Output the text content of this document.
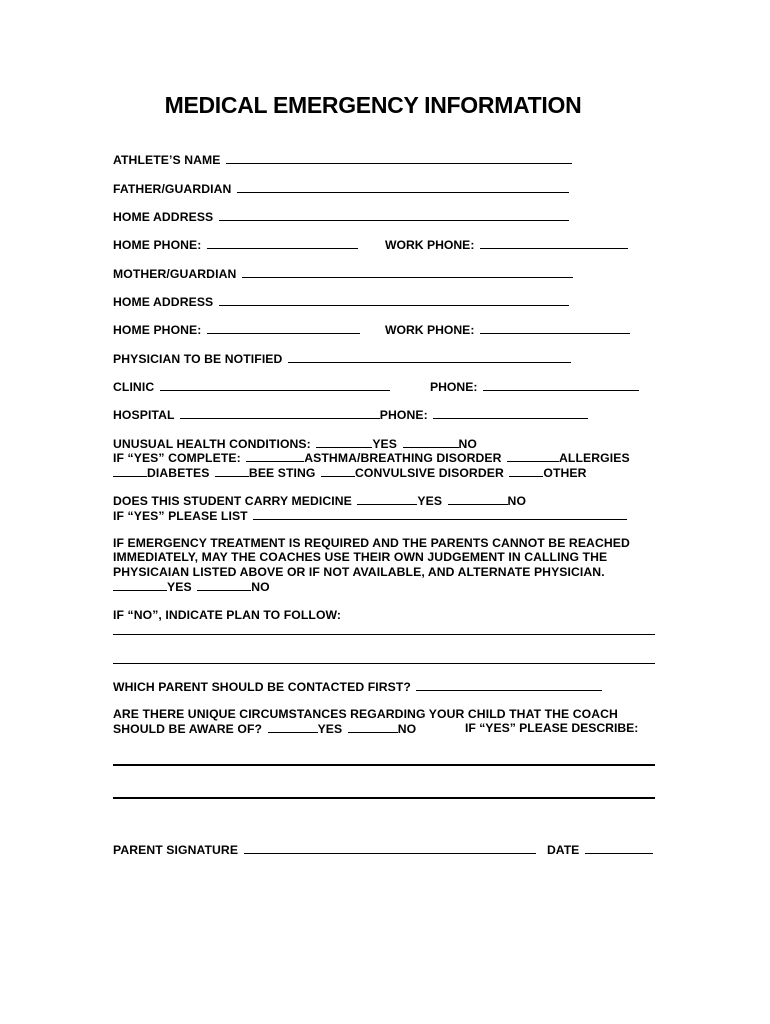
MEDICAL EMERGENCY INFORMATION
ATHLETE’S NAME
FATHER/GUARDIAN
HOME ADDRESS
HOME PHONE:	WORK PHONE:
MOTHER/GUARDIAN
HOME ADDRESS
HOME PHONE:	WORK PHONE:
PHYSICIAN TO BE NOTIFIED
CLINIC	PHONE:
HOSPITAL	PHONE:
UNUSUAL HEALTH CONDITIONS:	YES	NO
IF “YES” COMPLETE:	ASTHMA/BREATHING DISORDER	ALLERGIES
DIABETES	BEE STING	CONVULSIVE DISORDER	OTHER
DOES THIS STUDENT CARRY MEDICINE	YES	NO
IF “YES” PLEASE LIST
IF EMERGENCY TREATMENT IS REQUIRED AND THE PARENTS CANNOT BE REACHED
IMMEDIATELY, MAY THE COACHES USE THEIR OWN JUDGEMENT IN CALLING THE
PHYSICAIAN LISTED ABOVE OR IF NOT AVAILABLE, AND ALTERNATE PHYSICIAN.
YES	NO
IF “NO”, INDICATE PLAN TO FOLLOW:
WHICH PARENT SHOULD BE CONTACTED FIRST?
ARE THERE UNIQUE CIRCUMSTANCES REGARDING YOUR CHILD THAT THE COACH
SHOULD BE AWARE OF?	YES	NO	IF “YES” PLEASE DESCRIBE:
PARENT SIGNATURE	DATE
